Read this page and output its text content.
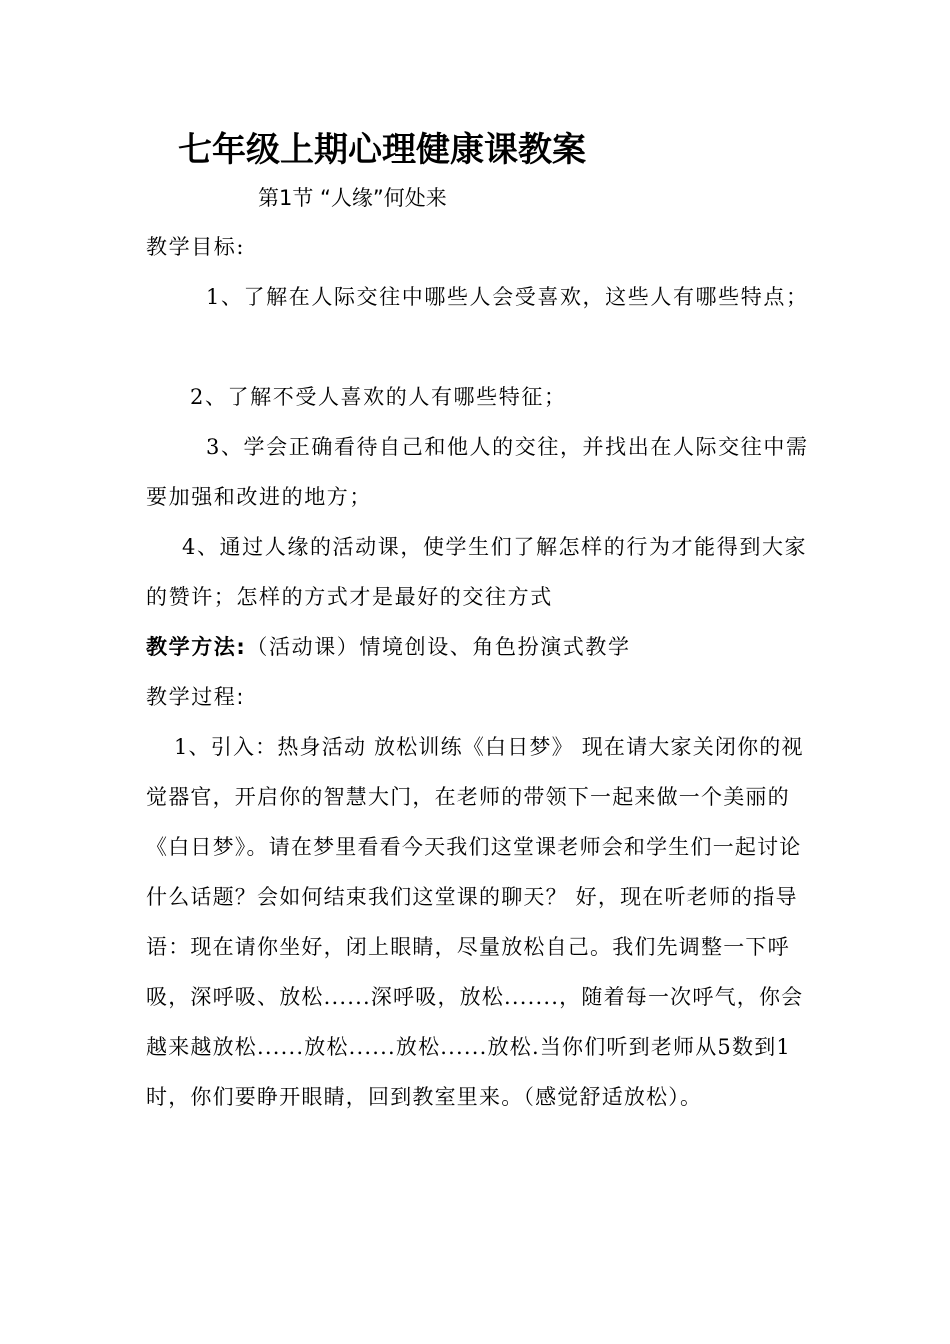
七年级上期心理健康课教案
第1节 “人缘”何处来
教学目标:
1、了解在人际交往中哪些人会受喜欢，这些人有哪些特点；
2、了解不受人喜欢的人有哪些特征；
3、学会正确看待自己和他人的交往，并找出在人际交往中需要加强和改进的地方；
4、通过人缘的活动课，使学生们了解怎样的行为才能得到大家的赞许；怎样的方式才是最好的交往方式
教学方法:（活动课）情境创设、角色扮演式教学
教学过程:
1、引入：热身活动 放松训练《白日梦》 现在请大家关闭你的视觉器官，开启你的智慧大门，在老师的带领下一起来做一个美丽的《白日梦》。请在梦里看看今天我们这堂课老师会和学生们一起讨论什么话题？会如何结束我们这堂课的聊天？ 好，现在听老师的指导语：现在请你坐好，闭上眼睛，尽量放松自己。我们先调整一下呼吸，深呼吸、放松......深呼吸，放松.......，随着每一次呼气，你会越来越放松......放松......放松......放松.当你们听到老师从5数到1时，你们要睁开眼睛，回到教室里来。（感觉舒适放松）。
